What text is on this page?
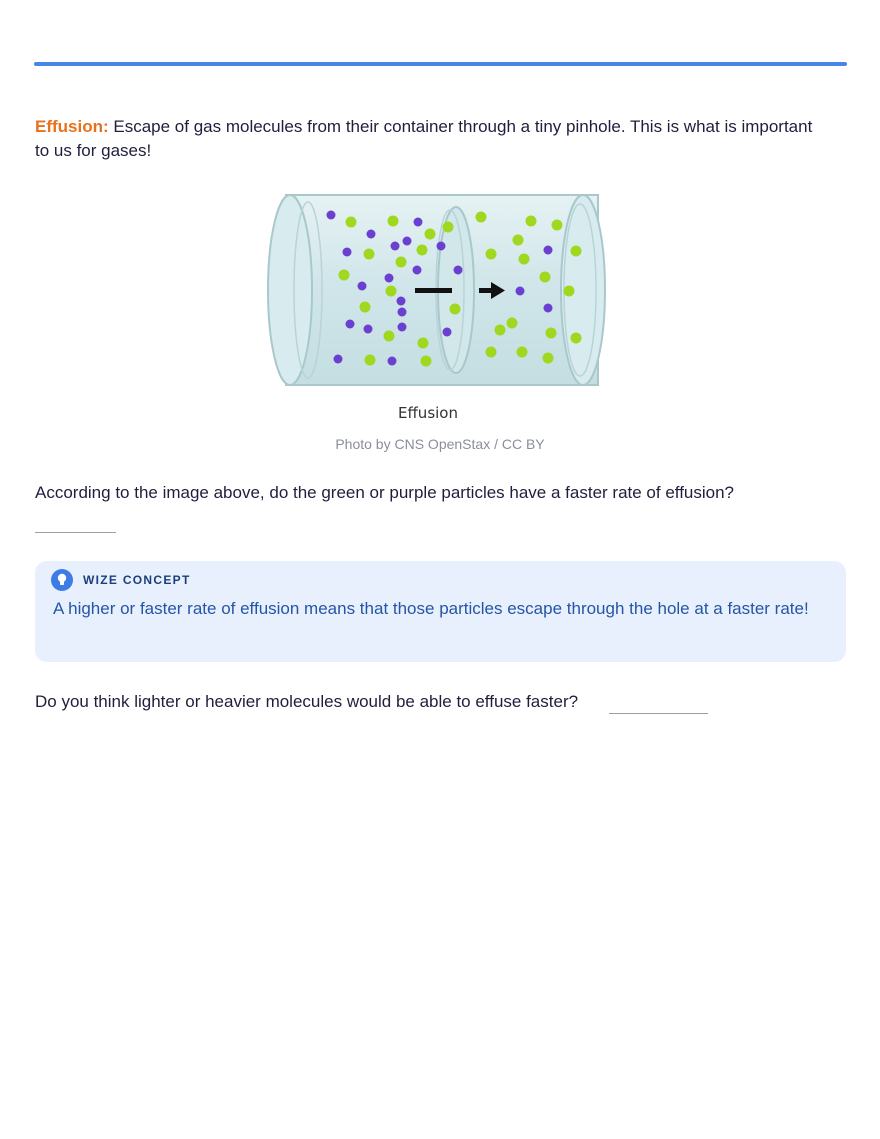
Effusion: Escape of gas molecules from their container through a tiny pinhole. This is what is important to us for gases!

Effusion
Photo by CNS OpenStax / CC BY

According to the image above, do the green or purple particles have a faster rate of effusion?

WIZE CONCEPT

A higher or faster rate of effusion means that those particles escape through the hole at a faster rate!

Do you think lighter or heavier molecules would be able to effuse faster?
